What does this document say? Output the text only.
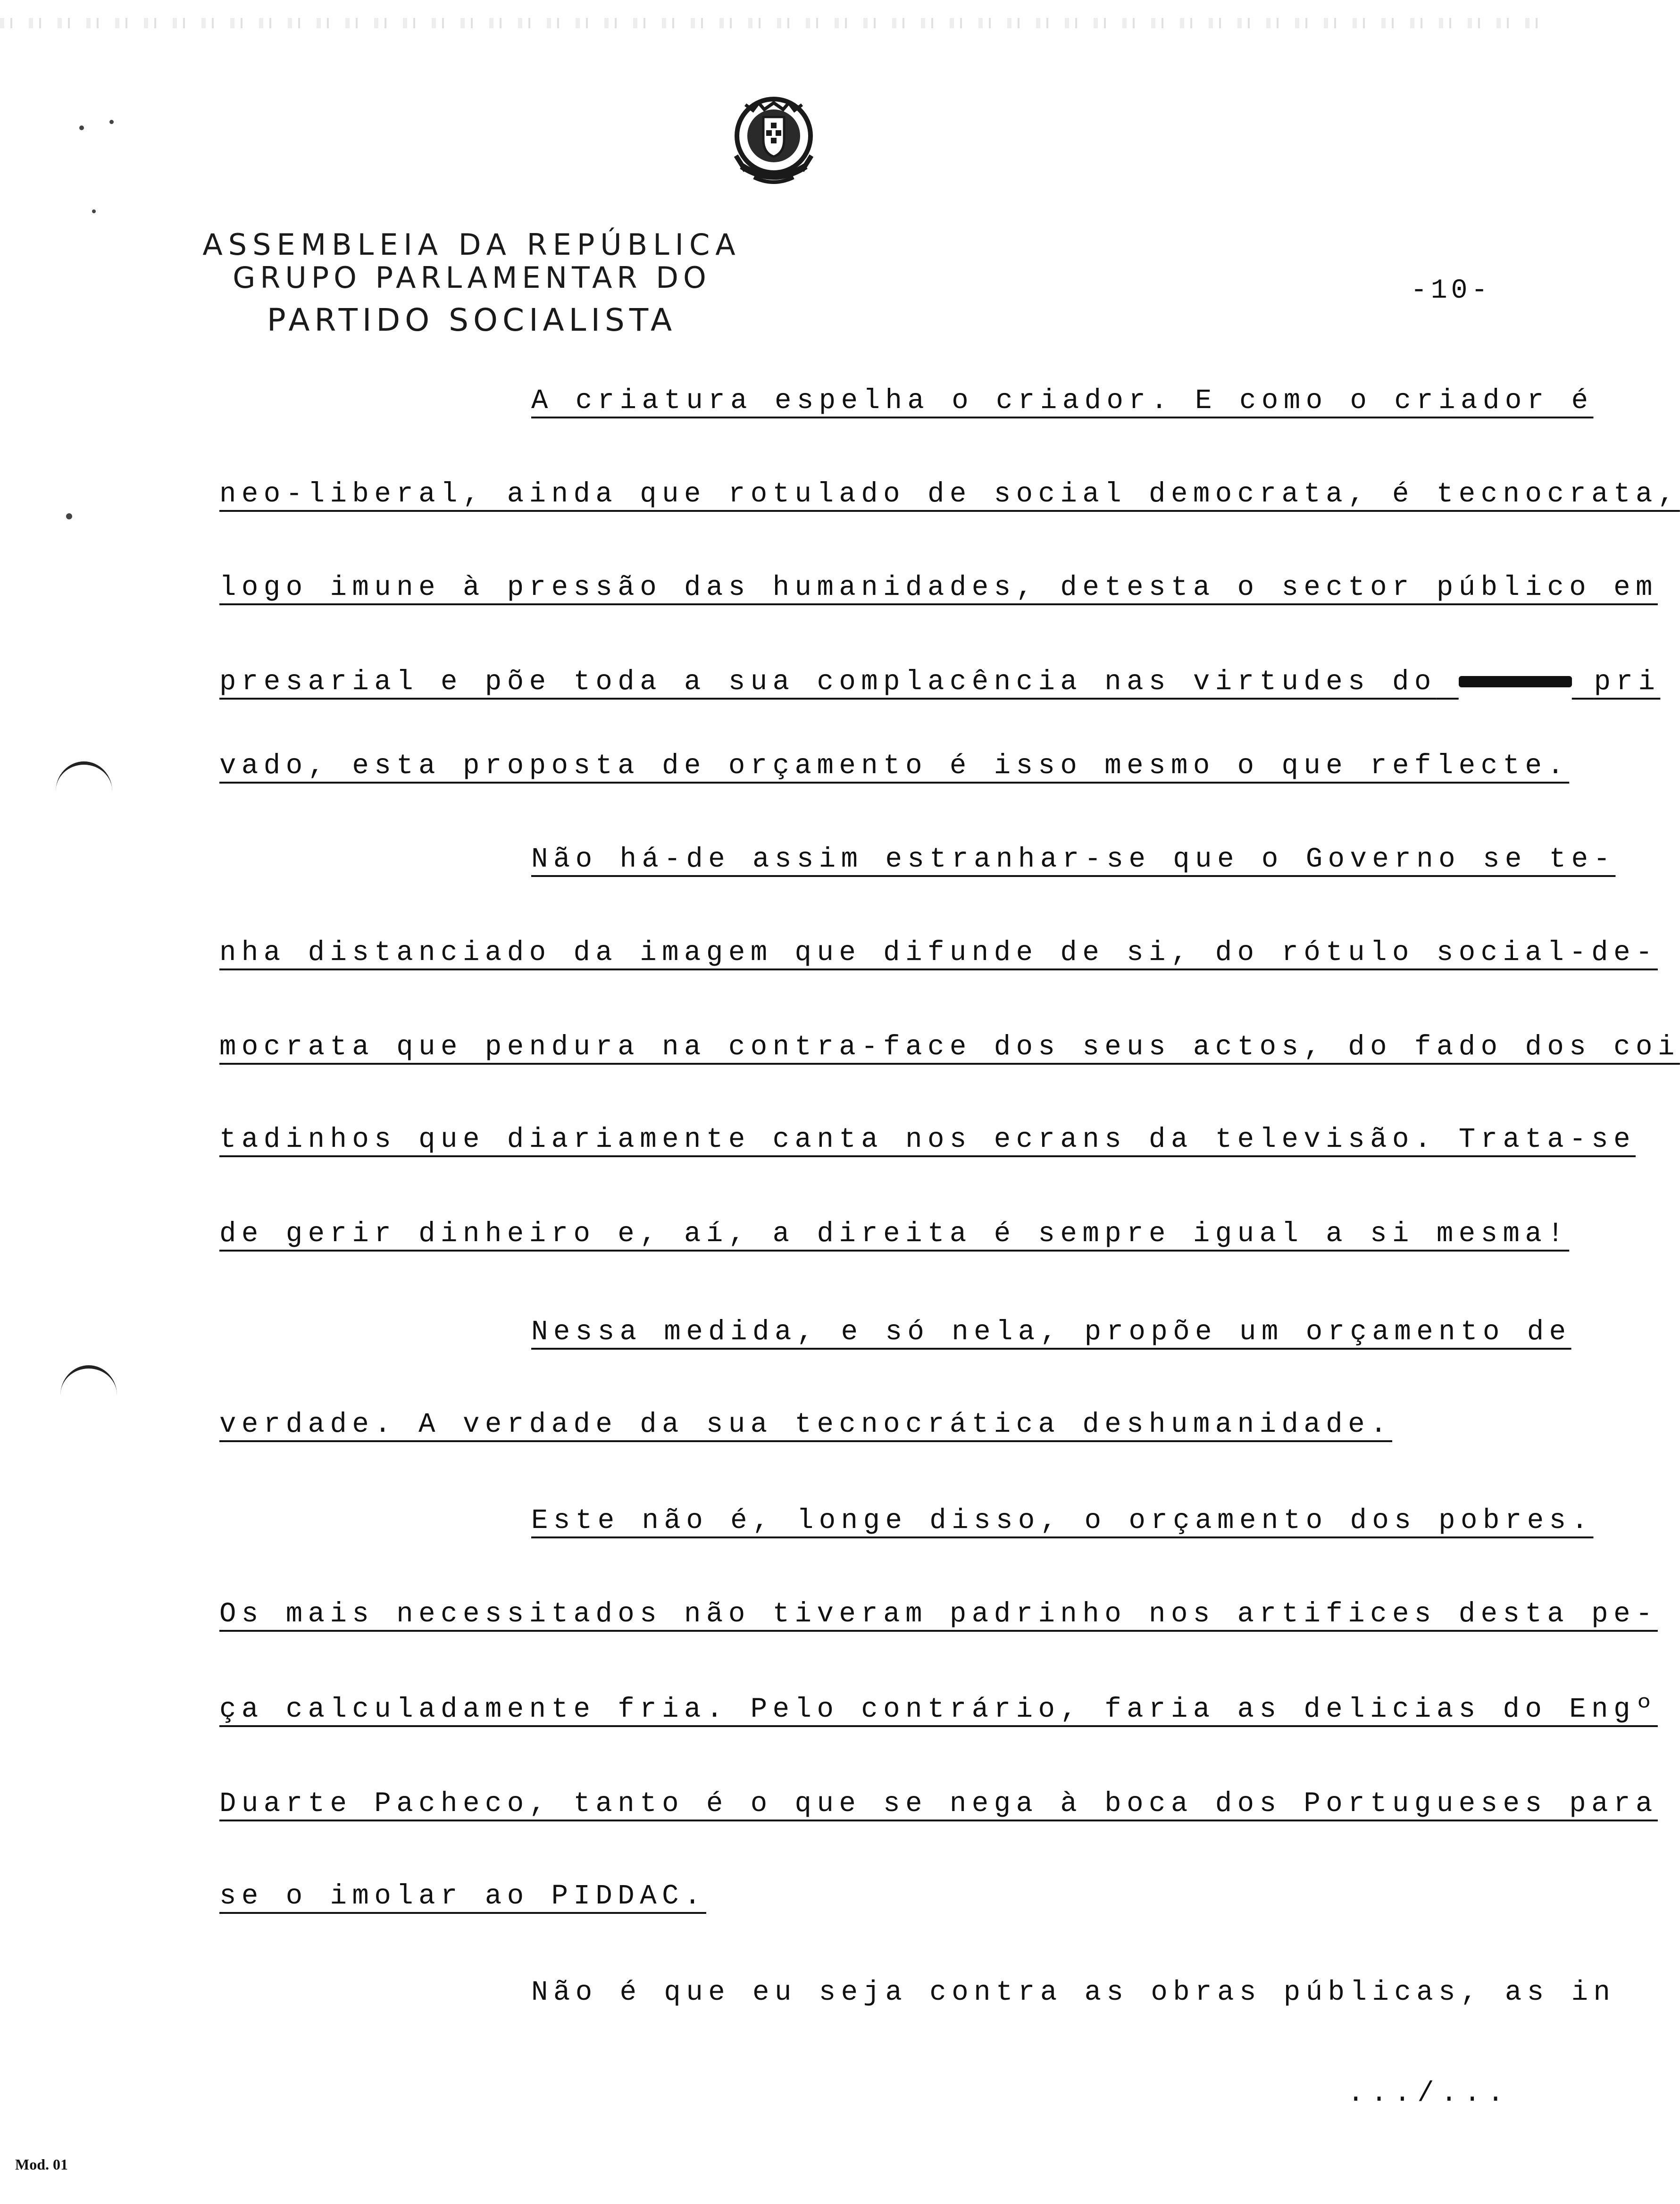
ASSEMBLEIA DA REPÚBLICA
GRUPO PARLAMENTAR DO
PARTIDO SOCIALISTA
-10-
A criatura espelha o criador. E como o criador é
neo-liberal, ainda que rotulado de social democrata, é tecnocrata,
logo imune à pressão das humanidades, detesta o sector público em
presarial e põe toda a sua complacência nas virtudes do	pri
vado, esta proposta de orçamento é isso mesmo o que reflecte.
Não há-de assim estranhar-se que o Governo se te-
nha distanciado da imagem que difunde de si, do rótulo social-de-
mocrata que pendura na contra-face dos seus actos, do fado dos coi
tadinhos que diariamente canta nos ecrans da televisão. Trata-se
de gerir dinheiro e, aí, a direita é sempre igual a si mesma!
Nessa medida, e só nela, propõe um orçamento de
verdade. A verdade da sua tecnocrática deshumanidade.
Este não é, longe disso, o orçamento dos pobres.
Os mais necessitados não tiveram padrinho nos artifices desta pe-
ça calculadamente fria. Pelo contrário, faria as delicias do Engº
Duarte Pacheco, tanto é o que se nega à boca dos Portugueses para
se o imolar ao PIDDAC.
Não é que eu seja contra as obras públicas, as in
.../...
Mod. 01
